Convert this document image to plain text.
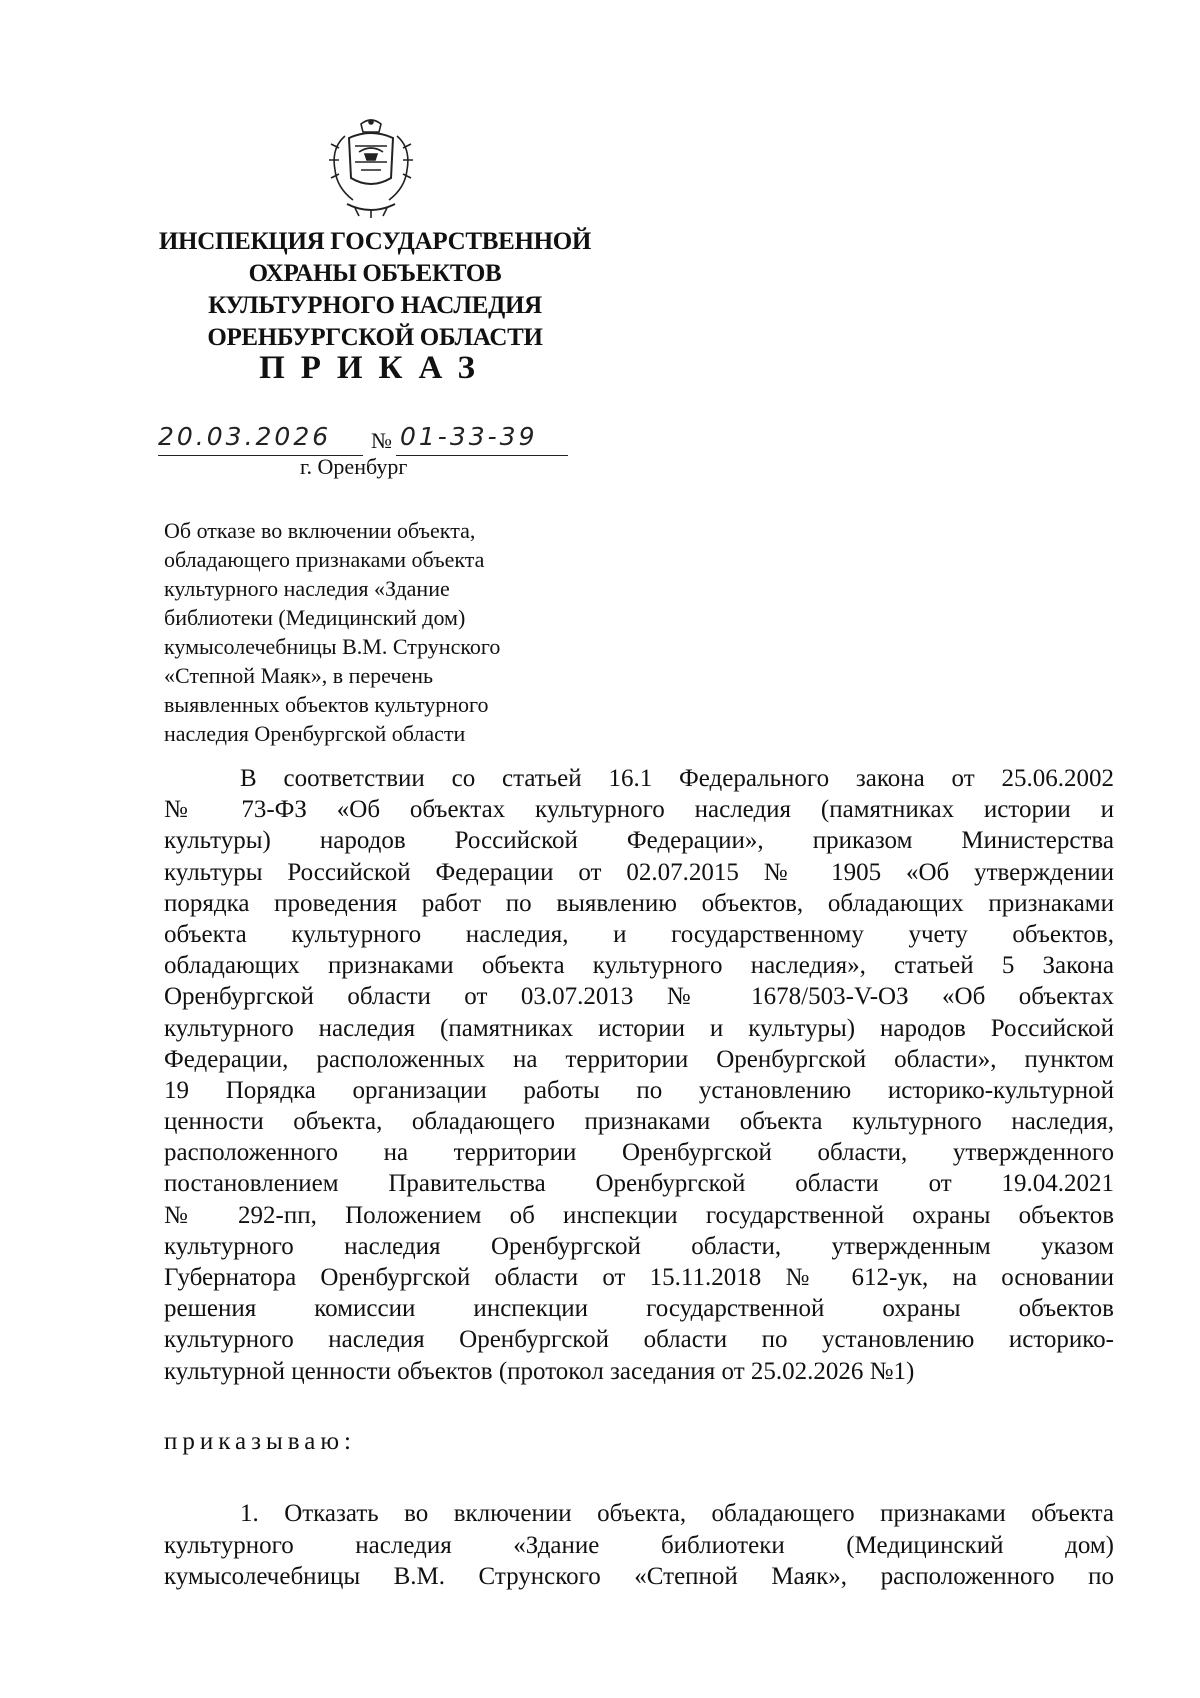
ИНСПЕКЦИЯ ГОСУДАРСТВЕННОЙ
ОХРАНЫ ОБЪЕКТОВ
КУЛЬТУРНОГО НАСЛЕДИЯ
ОРЕНБУРГСКОЙ ОБЛАСТИ
ПРИКАЗ
20.03.2026 № 01-33-39
г. Оренбург
Об отказе во включении объекта,
обладающего признаками объекта
культурного наследия «Здание
библиотеки (Медицинский дом)
кумысолечебницы В.М. Струнского
«Степной Маяк», в перечень
выявленных объектов культурного
наследия Оренбургской области
В соответствии со статьей 16.1 Федерального закона от 25.06.2002
№ 73-ФЗ «Об объектах культурного наследия (памятниках истории и
культуры) народов Российской Федерации», приказом Министерства
культуры Российской Федерации от 02.07.2015 № 1905 «Об утверждении
порядка проведения работ по выявлению объектов, обладающих признаками
объекта культурного наследия, и государственному учету объектов,
обладающих признаками объекта культурного наследия», статьей 5 Закона
Оренбургской области от 03.07.2013 № 1678/503-V-ОЗ «Об объектах
культурного наследия (памятниках истории и культуры) народов Российской
Федерации, расположенных на территории Оренбургской области», пунктом
19 Порядка организации работы по установлению историко-культурной
ценности объекта, обладающего признаками объекта культурного наследия,
расположенного на территории Оренбургской области, утвержденного
постановлением Правительства Оренбургской области от 19.04.2021
№ 292-пп, Положением об инспекции государственной охраны объектов
культурного наследия Оренбургской области, утвержденным указом
Губернатора Оренбургской области от 15.11.2018 № 612-ук, на основании
решения комиссии инспекции государственной охраны объектов
культурного наследия Оренбургской области по установлению историко-
культурной ценности объектов (протокол заседания от 25.02.2026 №1)
приказываю:
1. Отказать во включении объекта, обладающего признаками объекта
культурного наследия «Здание библиотеки (Медицинский дом)
кумысолечебницы В.М. Струнского «Степной Маяк», расположенного по
